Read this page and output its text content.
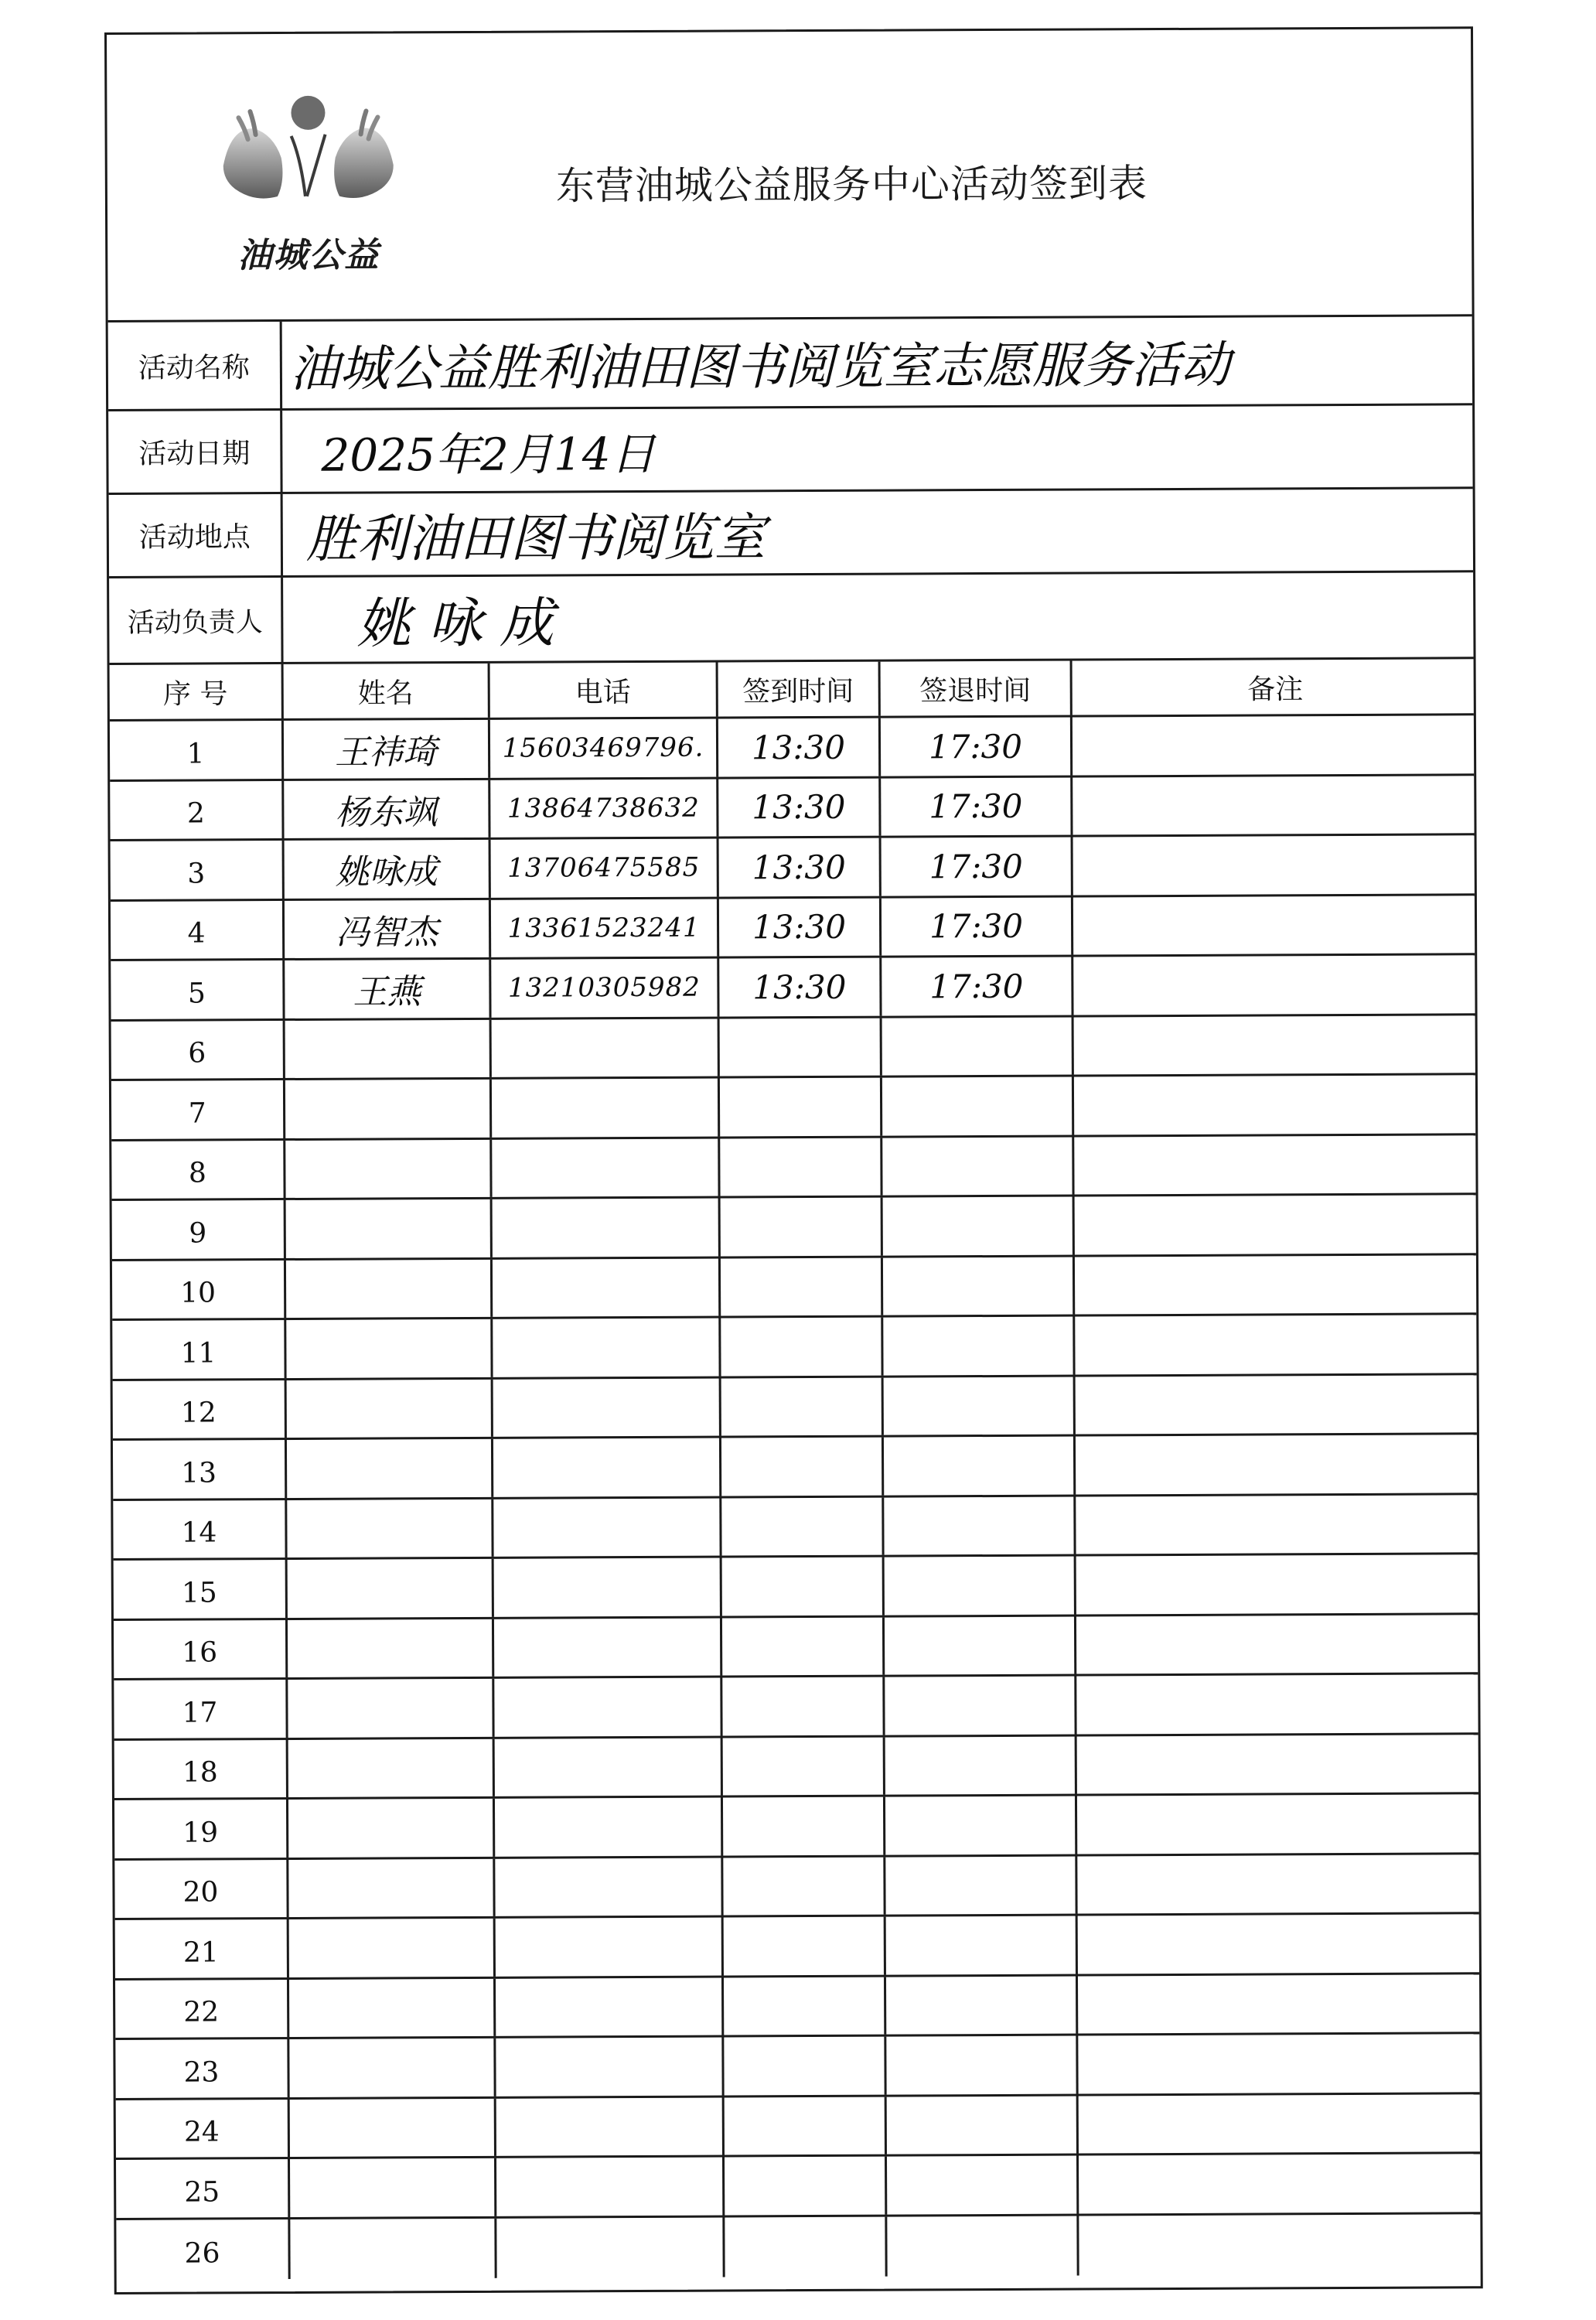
油城公益
东营油城公益服务中心活动签到表
活动名称 油城公益胜利油田图书阅览室志愿服务活动
活动日期	2025年2月14日
活动地点	胜利油田图书阅览室
活动负责人	姚 咏 成
序 号	姓名	电话	签到时间	签退时间	备注
1	王祎琦 15603469796. 13:30	17:30
2	杨东飒	13864738632 13:30	17:30
3	姚咏成	13706475585 13:30	17:30
4	冯智杰	13361523241 13:30	17:30
5	王燕	13210305982 13:30	17:30
6
7
8
9
10
11
12
13
14
15
16
17
18
19
20
21
22
23
24
25
26
